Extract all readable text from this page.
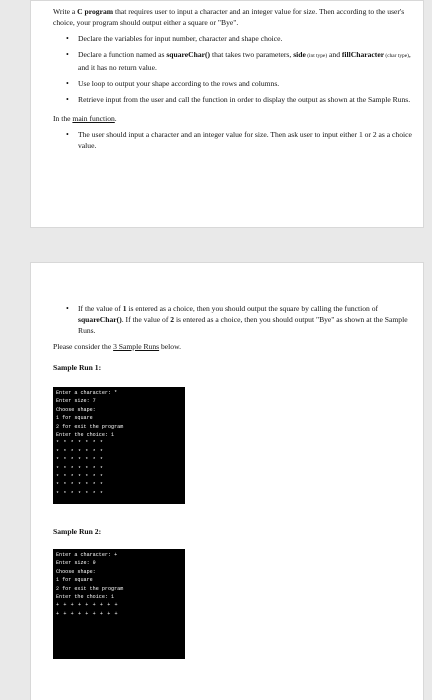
Write a C program that requires user to input a character and an integer value for size. Then according to the user's choice, your program should output either a square or "Bye".

• Declare the variables for input number, character and shape choice.
• Declare a function named as squareChar() that takes two parameters, side (int type) and fillCharacter (char type), and it has no return value.
• Use loop to output your shape according to the rows and columns.
• Retrieve input from the user and call the function in order to display the output as shown at the Sample Runs.

In the main function.

• The user should input a character and an integer value for size. Then ask user to input either 1 or 2 as a choice value.
• If the value of 1 is entered as a choice, then you should output the square by calling the function of squareChar(). If the value of 2 is entered as a choice, then you should output "Bye" as shown at the Sample Runs.

Please consider the 3 Sample Runs below.

Sample Run 1:

Enter a character: *
Enter size: 7
Choose shape:
1 for square
2 for exit the program
Enter the choice: 1
* * * * * * *
* * * * * * *
* * * * * * *
* * * * * * *
* * * * * * *
* * * * * * *
* * * * * * *

Sample Run 2:

Enter a character: +
Enter size: 9
Choose shape:
1 for square
2 for exit the program
Enter the choice: 1
+ + + + + + + + +
+ + + + + + + + +
